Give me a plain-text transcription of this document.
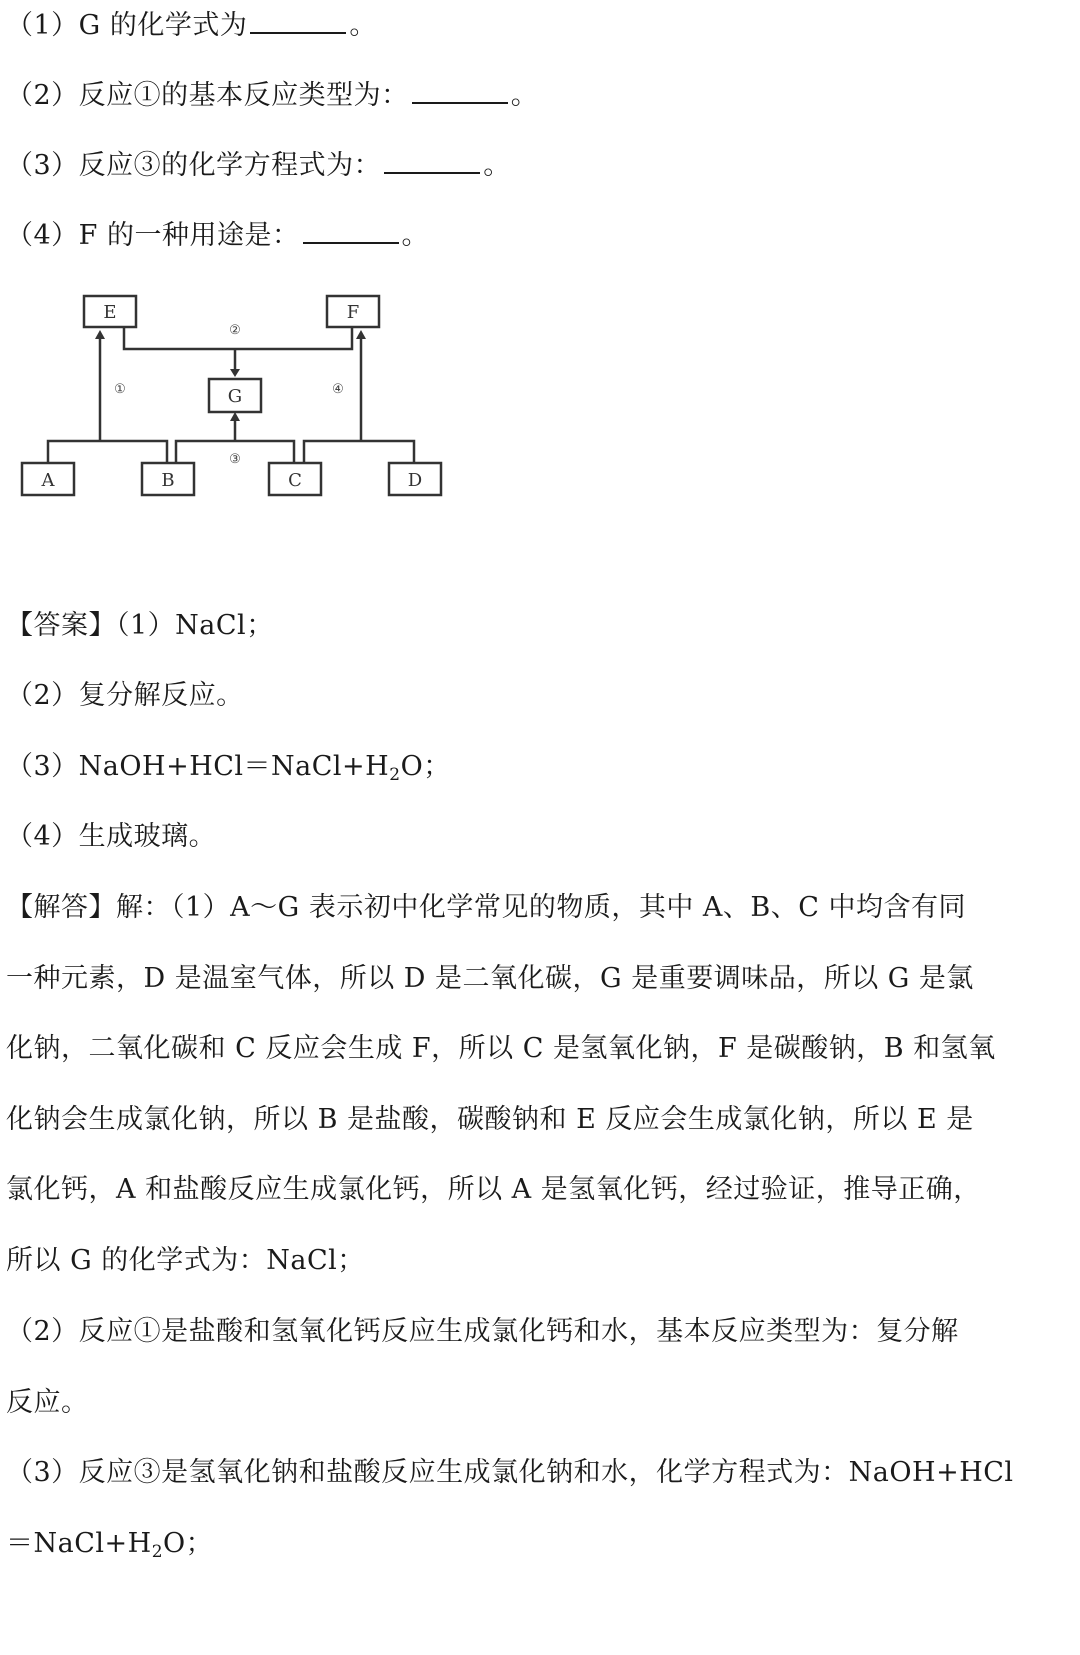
（1）G 的化学式为	。
（2）反应①的基本反应类型为：	。
（3）反应③的化学方程式为：	。
（4）F 的一种用途是：	。
E	F
G
A	B	C	D
①
②
③
④
【答案】（1）NaCl；
（2）复分解反应。
$(3)NaOH+HCl=NaCl+H_2O$；
（4）生成玻璃。
【解答】解：（1）A～G 表示初中化学常见的物质，其中 A、B、C 中均含有同
一种元素，D 是温室气体，所以 D 是二氧化碳，G 是重要调味品，所以 G 是氯
化钠，二氧化碳和 C 反应会生成 F，所以 C 是氢氧化钠，F 是碳酸钠，B 和氢氧
化钠会生成氯化钠，所以 B 是盐酸，碳酸钠和 E 反应会生成氯化钠，所以 E 是
氯化钙，A 和盐酸反应生成氯化钙，所以 A 是氢氧化钙，经过验证，推导正确，
所以 G 的化学式为：NaCl；
（2）反应①是盐酸和氢氧化钙反应生成氯化钙和水，基本反应类型为：复分解
反应。
（3）反应③是氢氧化钠和盐酸反应生成氯化钠和水，化学方程式为：NaOH+HCl
$=NaCl+H_2O$；
